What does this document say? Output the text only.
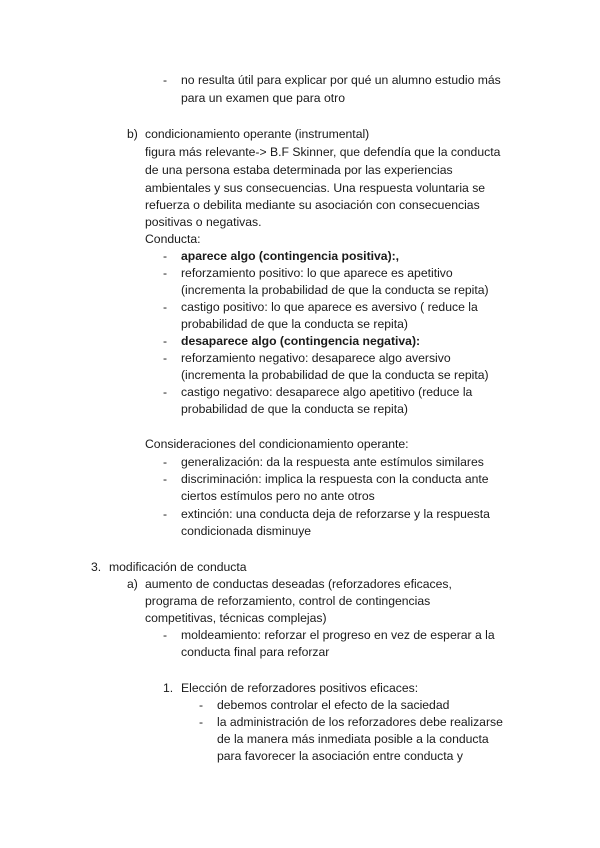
- no resulta útil para explicar por qué un alumno estudio más
para un examen que para otro
b) condicionamiento operante (instrumental)
figura más relevante-> B.F Skinner, que defendía que la conducta
de una persona estaba determinada por las experiencias
ambientales y sus consecuencias. Una respuesta voluntaria se
refuerza o debilita mediante su asociación con consecuencias
positivas o negativas.
Conducta:
- aparece algo (contingencia positiva):,
- reforzamiento positivo: lo que aparece es apetitivo
(incrementa la probabilidad de que la conducta se repita)
- castigo positivo: lo que aparece es aversivo ( reduce la
probabilidad de que la conducta se repita)
- desaparece algo (contingencia negativa):
- reforzamiento negativo: desaparece algo aversivo
(incrementa la probabilidad de que la conducta se repita)
- castigo negativo: desaparece algo apetitivo (reduce la
probabilidad de que la conducta se repita)
Consideraciones del condicionamiento operante:
- generalización: da la respuesta ante estímulos similares
- discriminación: implica la respuesta con la conducta ante
ciertos estímulos pero no ante otros
- extinción: una conducta deja de reforzarse y la respuesta
condicionada disminuye
3. modificación de conducta
a) aumento de conductas deseadas (reforzadores eficaces,
programa de reforzamiento, control de contingencias
competitivas, técnicas complejas)
- moldeamiento: reforzar el progreso en vez de esperar a la
conducta final para reforzar
1. Elección de reforzadores positivos eficaces:
- debemos controlar el efecto de la saciedad
- la administración de los reforzadores debe realizarse
de la manera más inmediata posible a la conducta
para favorecer la asociación entre conducta y
